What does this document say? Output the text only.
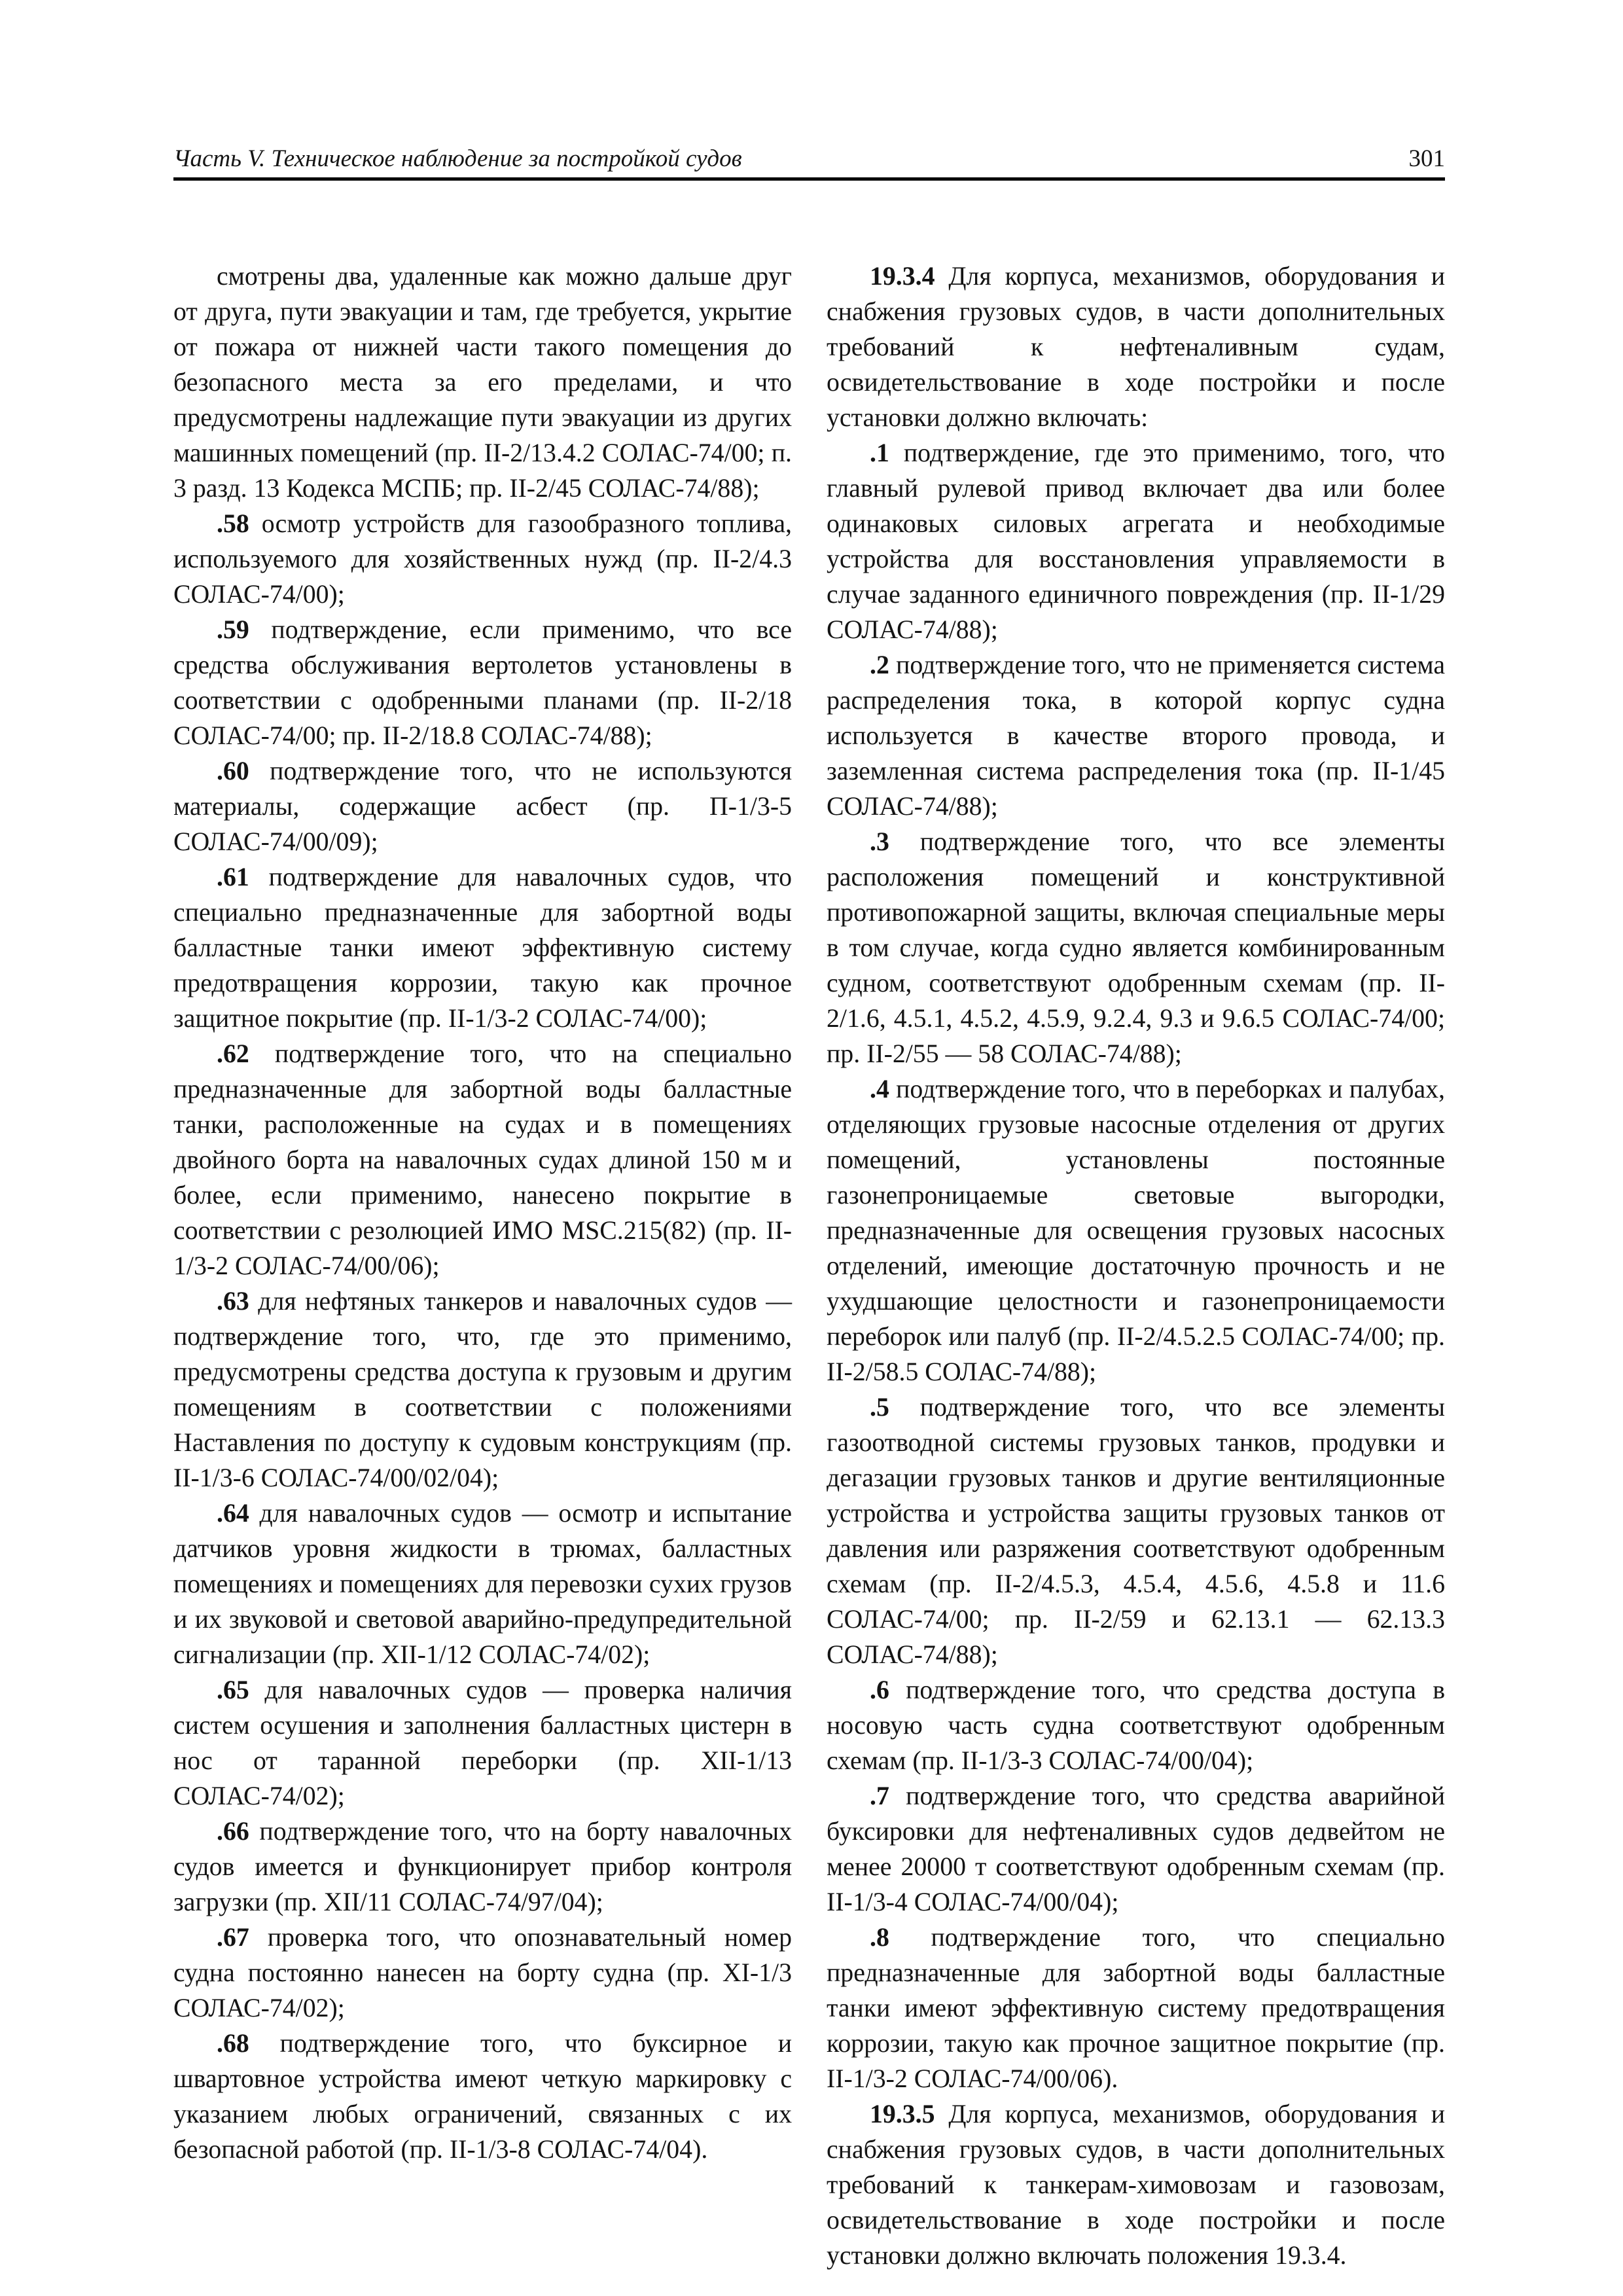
Часть V. Техническое наблюдение за постройкой судов	301

смотрены два, удаленные как можно дальше друг от друга, пути эвакуации и там, где требуется, укрытие от пожара от нижней части такого помещения до безопасного места за его пределами, и что предусмотрены надлежащие пути эвакуации из других машинных помещений (пр. II-2/13.4.2 СОЛАС-74/00; п. 3 разд. 13 Кодекса МСПБ; пр. II-2/45 СОЛАС-74/88);

.58 осмотр устройств для газообразного топлива, используемого для хозяйственных нужд (пр. II-2/4.3 СОЛАС-74/00);

.59 подтверждение, если применимо, что все средства обслуживания вертолетов установлены в соответствии с одобренными планами (пр. II-2/18 СОЛАС-74/00; пр. II-2/18.8 СОЛАС-74/88);

.60 подтверждение того, что не используются материалы, содержащие асбест (пр. П-1/3-5 СОЛАС-74/00/09);

.61 подтверждение для навалочных судов, что специально предназначенные для забортной воды балластные танки имеют эффективную систему предотвращения коррозии, такую как прочное защитное покрытие (пр. II-1/3-2 СОЛАС-74/00);

.62 подтверждение того, что на специально предназначенные для забортной воды балластные танки, расположенные на судах и в помещениях двойного борта на навалочных судах длиной 150 м и более, если применимо, нанесено покрытие в соответствии с резолюцией ИМО MSC.215(82) (пр. II-1/3-2 СОЛАС-74/00/06);

.63 для нефтяных танкеров и навалочных судов — подтверждение того, что, где это применимо, предусмотрены средства доступа к грузовым и другим помещениям в соответствии с положениями Наставления по доступу к судовым конструкциям (пр. II-1/3-6 СОЛАС-74/00/02/04);

.64 для навалочных судов — осмотр и испытание датчиков уровня жидкости в трюмах, балластных помещениях и помещениях для перевозки сухих грузов и их звуковой и световой аварийно-предупредительной сигнализации (пр. XII-1/12 СОЛАС-74/02);

.65 для навалочных судов — проверка наличия систем осушения и заполнения балластных цистерн в нос от таранной переборки (пр. XII-1/13 СОЛАС-74/02);

.66 подтверждение того, что на борту навалочных судов имеется и функционирует прибор контроля загрузки (пр. XII/11 СОЛАС-74/97/04);

.67 проверка того, что опознавательный номер судна постоянно нанесен на борту судна (пр. XI-1/3 СОЛАС-74/02);

.68 подтверждение того, что буксирное и швартовное устройства имеют четкую маркировку с указанием любых ограничений, связанных с их безопасной работой (пр. II-1/3-8 СОЛАС-74/04).

19.3.4 Для корпуса, механизмов, оборудования и снабжения грузовых судов, в части дополнительных требований к нефтеналивным судам, освидетельствование в ходе постройки и после установки должно включать:

.1 подтверждение, где это применимо, того, что главный рулевой привод включает два или более одинаковых силовых агрегата и необходимые устройства для восстановления управляемости в случае заданного единичного повреждения (пр. II-1/29 СОЛАС-74/88);

.2 подтверждение того, что не применяется система распределения тока, в которой корпус судна используется в качестве второго провода, и заземленная система распределения тока (пр. II-1/45 СОЛАС-74/88);

.3 подтверждение того, что все элементы расположения помещений и конструктивной противопожарной защиты, включая специальные меры в том случае, когда судно является комбинированным судном, соответствуют одобренным схемам (пр. II-2/1.6, 4.5.1, 4.5.2, 4.5.9, 9.2.4, 9.3 и 9.6.5 СОЛАС-74/00; пр. II-2/55 — 58 СОЛАС-74/88);

.4 подтверждение того, что в переборках и палубах, отделяющих грузовые насосные отделения от других помещений, установлены постоянные газонепроницаемые световые выгородки, предназначенные для освещения грузовых насосных отделений, имеющие достаточную прочность и не ухудшающие целостности и газонепроницаемости переборок или палуб (пр. II-2/4.5.2.5 СОЛАС-74/00; пр. II-2/58.5 СОЛАС-74/88);

.5 подтверждение того, что все элементы газоотводной системы грузовых танков, продувки и дегазации грузовых танков и другие вентиляционные устройства и устройства защиты грузовых танков от давления или разряжения соответствуют одобренным схемам (пр. II-2/4.5.3, 4.5.4, 4.5.6, 4.5.8 и 11.6 СОЛАС-74/00; пр. II-2/59 и 62.13.1 — 62.13.3 СОЛАС-74/88);

.6 подтверждение того, что средства доступа в носовую часть судна соответствуют одобренным схемам (пр. II-1/3-3 СОЛАС-74/00/04);

.7 подтверждение того, что средства аварийной буксировки для нефтеналивных судов дедвейтом не менее 20000 т соответствуют одобренным схемам (пр. II-1/3-4 СОЛАС-74/00/04);

.8 подтверждение того, что специально предназначенные для забортной воды балластные танки имеют эффективную систему предотвращения коррозии, такую как прочное защитное покрытие (пр. II-1/3-2 СОЛАС-74/00/06).

19.3.5 Для корпуса, механизмов, оборудования и снабжения грузовых судов, в части дополнительных требований к танкерам-химовозам и газовозам, освидетельствование в ходе постройки и после установки должно включать положения 19.3.4.
